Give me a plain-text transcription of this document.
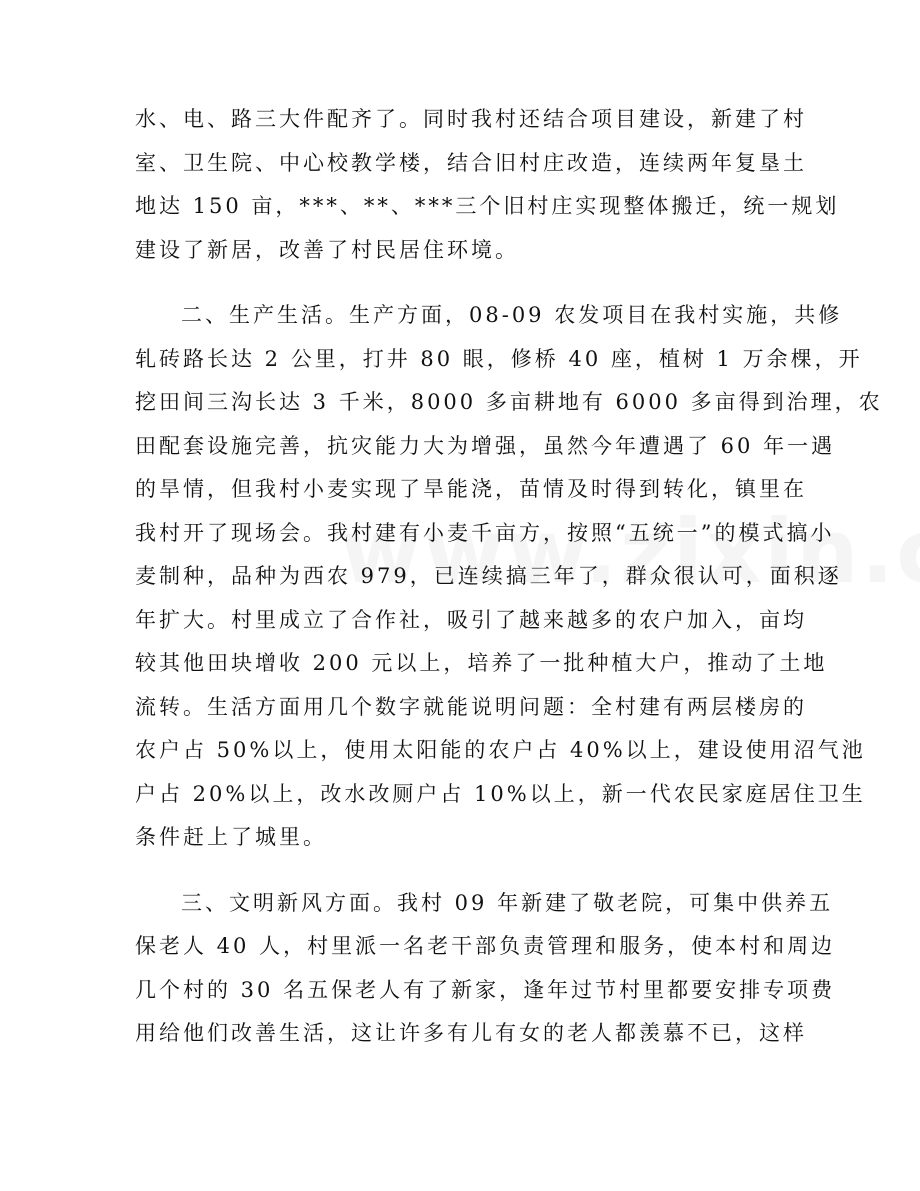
水、电、路三大件配齐了。同时我村还结合项目建设，新建了村
室、卫生院、中心校教学楼，结合旧村庄改造，连续两年复垦土
地达 150 亩，***、**、***三个旧村庄实现整体搬迁，统一规划
建设了新居，改善了村民居住环境。
二、生产生活。生产方面，08-09 农发项目在我村实施，共修
轧砖路长达 2 公里，打井 80 眼，修桥 40 座，植树 1 万余棵，开
挖田间三沟长达 3 千米，8000 多亩耕地有 6000 多亩得到治理，农
田配套设施完善，抗灾能力大为增强，虽然今年遭遇了 60 年一遇
的旱情，但我村小麦实现了旱能浇，苗情及时得到转化，镇里在
我村开了现场会。我村建有小麦千亩方，按照“五统一”的模式搞小
麦制种，品种为西农 979，已连续搞三年了，群众很认可，面积逐
年扩大。村里成立了合作社，吸引了越来越多的农户加入，亩均
较其他田块增收 200 元以上，培养了一批种植大户，推动了土地
流转。生活方面用几个数字就能说明问题：全村建有两层楼房的
农户占 50%以上，使用太阳能的农户占 40%以上，建设使用沼气池
户占 20%以上，改水改厕户占 10%以上，新一代农民家庭居住卫生
条件赶上了城里。
三、文明新风方面。我村 09 年新建了敬老院，可集中供养五
保老人 40 人，村里派一名老干部负责管理和服务，使本村和周边
几个村的 30 名五保老人有了新家，逢年过节村里都要安排专项费
用给他们改善生活，这让许多有儿有女的老人都羡慕不已，这样
